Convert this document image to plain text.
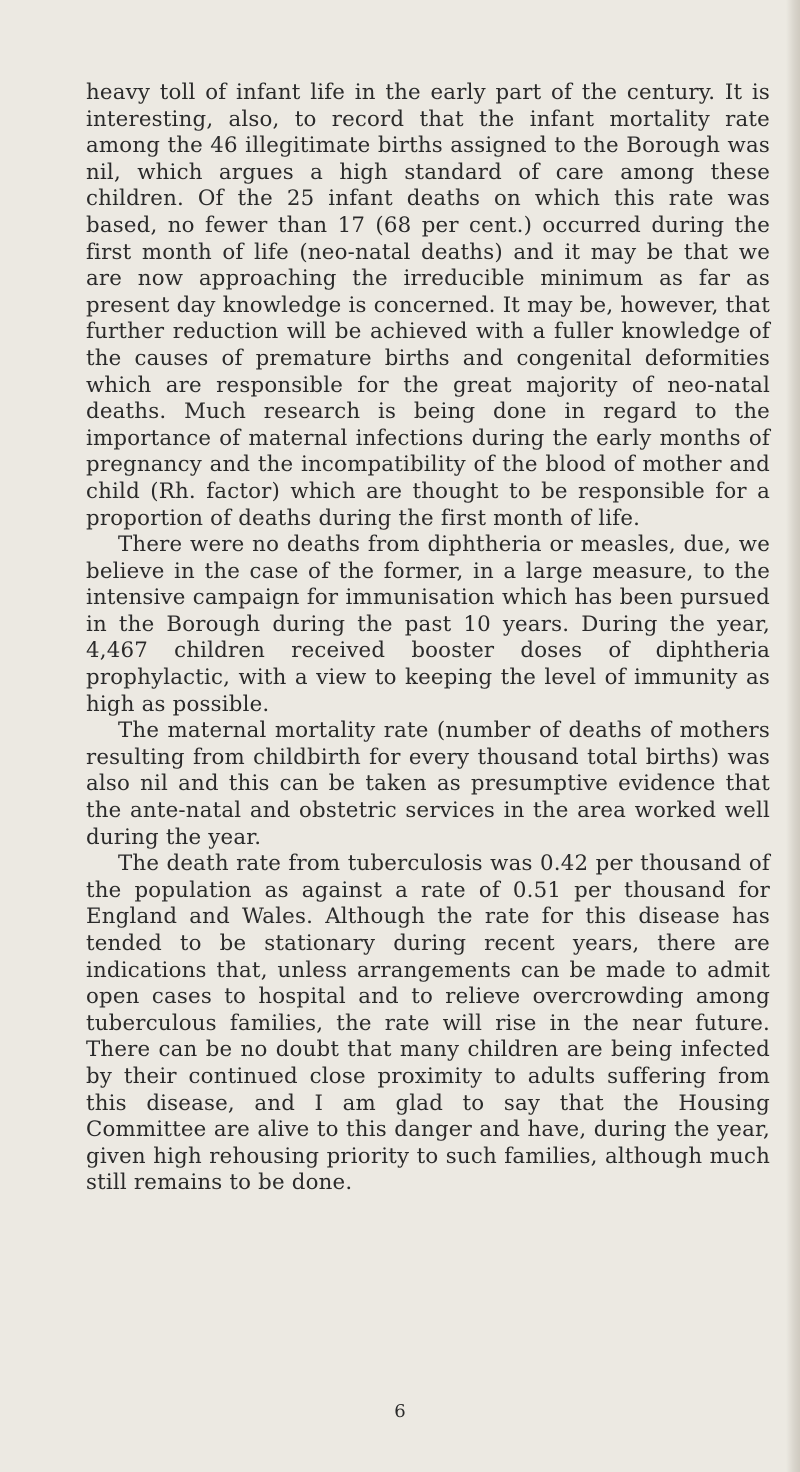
heavy toll of infant life in the early part of the century. It is interesting, also, to record that the infant mortality rate among the 46 illegitimate births assigned to the Borough was nil, which argues a high standard of care among these children. Of the 25 infant deaths on which this rate was based, no fewer than 17 (68 per cent.) occurred during the first month of life (neo-natal deaths) and it may be that we are now approaching the irreducible minimum as far as present day knowledge is concerned. It may be, however, that further reduction will be achieved with a fuller knowledge of the causes of premature births and congenital deformities which are responsible for the great majority of neo-natal deaths. Much research is being done in regard to the importance of maternal infections during the early months of pregnancy and the incompatibility of the blood of mother and child (Rh. factor) which are thought to be responsible for a proportion of deaths during the first month of life.

There were no deaths from diphtheria or measles, due, we believe in the case of the former, in a large measure, to the intensive campaign for immunisation which has been pursued in the Borough during the past 10 years. During the year, 4,467 children received booster doses of diphtheria prophylactic, with a view to keeping the level of immunity as high as possible.

The maternal mortality rate (number of deaths of mothers resulting from childbirth for every thousand total births) was also nil and this can be taken as presumptive evidence that the ante-natal and obstetric services in the area worked well during the year.

The death rate from tuberculosis was 0.42 per thousand of the population as against a rate of 0.51 per thousand for England and Wales. Although the rate for this disease has tended to be stationary during recent years, there are indications that, unless arrangements can be made to admit open cases to hospital and to relieve overcrowding among tuberculous families, the rate will rise in the near future. There can be no doubt that many children are being infected by their continued close proximity to adults suffering from this disease, and I am glad to say that the Housing Committee are alive to this danger and have, during the year, given high rehousing priority to such families, although much still remains to be done.

6
